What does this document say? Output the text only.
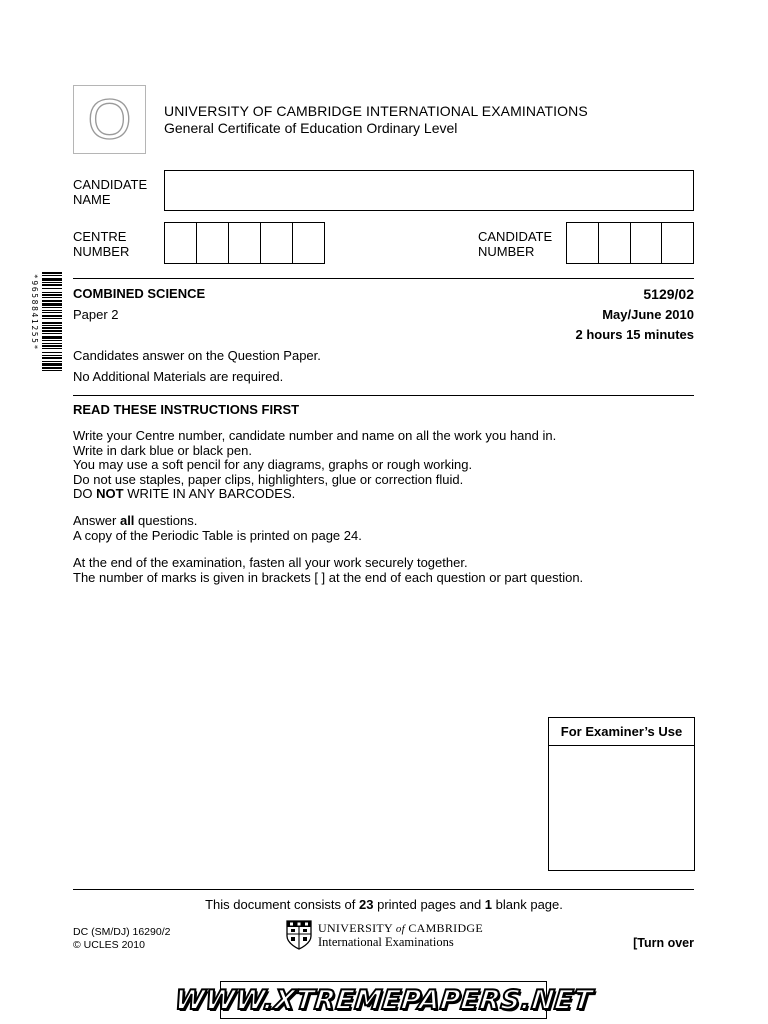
O UNIVERSITY OF CAMBRIDGE INTERNATIONAL EXAMINATIONS
General Certificate of Education Ordinary Level
CANDIDATE
NAME
CENTRE
NUMBER
CANDIDATE
NUMBER
*9658841255*	COMBINED SCIENCE	5129/02
Paper 2	May/June 2010
2 hours 15 minutes
Candidates answer on the Question Paper.
No Additional Materials are required.
READ THESE INSTRUCTIONS FIRST
Write your Centre number, candidate number and name on all the work you hand in.
Write in dark blue or black pen.
You may use a soft pencil for any diagrams, graphs or rough working.
Do not use staples, paper clips, highlighters, glue or correction fluid.
DO NOT WRITE IN ANY BARCODES.
Answer all questions.
A copy of the Periodic Table is printed on page 24.
At the end of the examination, fasten all your work securely together.
The number of marks is given in brackets [ ] at the end of each question or part question.
For Examiner’s Use
This document consists of 23 printed pages and 1 blank page.
DC (SM/DJ) 16290/2
© UCLES 2010
UNIVERSITY of CAMBRIDGE
International Examinations	[Turn over
WWW.XTREMEPAPERS.NET
